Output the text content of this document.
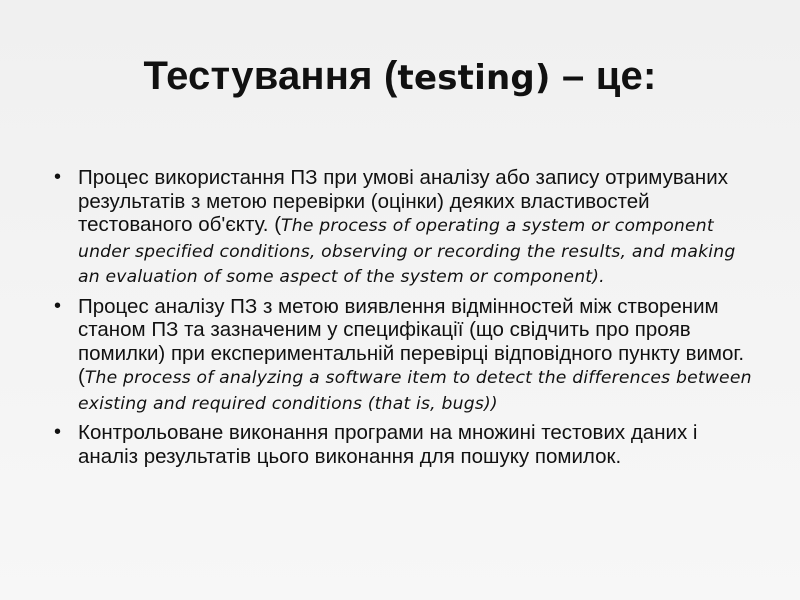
Тестування (testing) – це:
• Процес використання ПЗ при умові аналізу або запису отримуваних результатів з метою перевірки (оцінки) деяких властивостей тестованого об'єкту. (The process of operating a system or component under specified conditions, observing or recording the results, and making an evaluation of some aspect of the system or component).
• Процес аналізу ПЗ з метою виявлення відмінностей між створеним станом ПЗ та зазначеним у специфікації (що свідчить про прояв помилки) при експериментальній перевірці відповідного пункту вимог. (The process of analyzing a software item to detect the differences between existing and required conditions (that is, bugs))
• Контрольоване виконання програми на множині тестових даних і аналіз результатів цього виконання для пошуку помилок.
